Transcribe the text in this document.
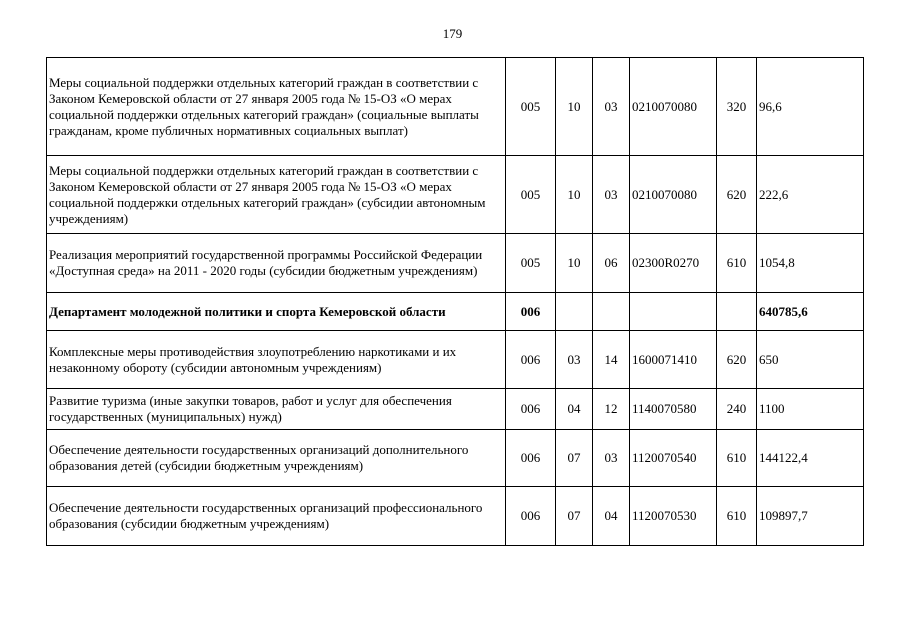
179
Меры социальной поддержки отдельных категорий граждан в соответствии с Законом Кемеровской области от 27 января 2005 года № 15-ОЗ «О мерах социальной поддержки отдельных категорий граждан» (социальные выплаты гражданам, кроме публичных нормативных социальных выплат)	005	10	03	0210070080	320	96,6
Меры социальной поддержки отдельных категорий граждан в соответствии с Законом Кемеровской области от 27 января 2005 года № 15-ОЗ «О мерах социальной поддержки отдельных категорий граждан» (субсидии автономным учреждениям)	005	10	03	0210070080	620	222,6
Реализация мероприятий государственной программы Российской Федерации «Доступная среда» на 2011 - 2020 годы (субсидии бюджетным учреждениям)	005	10	06	02300R0270	610	1054,8
Департамент молодежной политики и спорта Кемеровской области	006					640785,6
Комплексные меры противодействия злоупотреблению наркотиками и их незаконному обороту (субсидии автономным учреждениям)	006	03	14	1600071410	620	650
Развитие туризма (иные закупки товаров, работ и услуг для обеспечения государственных (муниципальных) нужд)	006	04	12	1140070580	240	1100
Обеспечение деятельности государственных организаций дополнительного образования детей (субсидии бюджетным учреждениям)	006	07	03	1120070540	610	144122,4
Обеспечение деятельности государственных организаций профессионального образования (субсидии бюджетным учреждениям)	006	07	04	1120070530	610	109897,7
